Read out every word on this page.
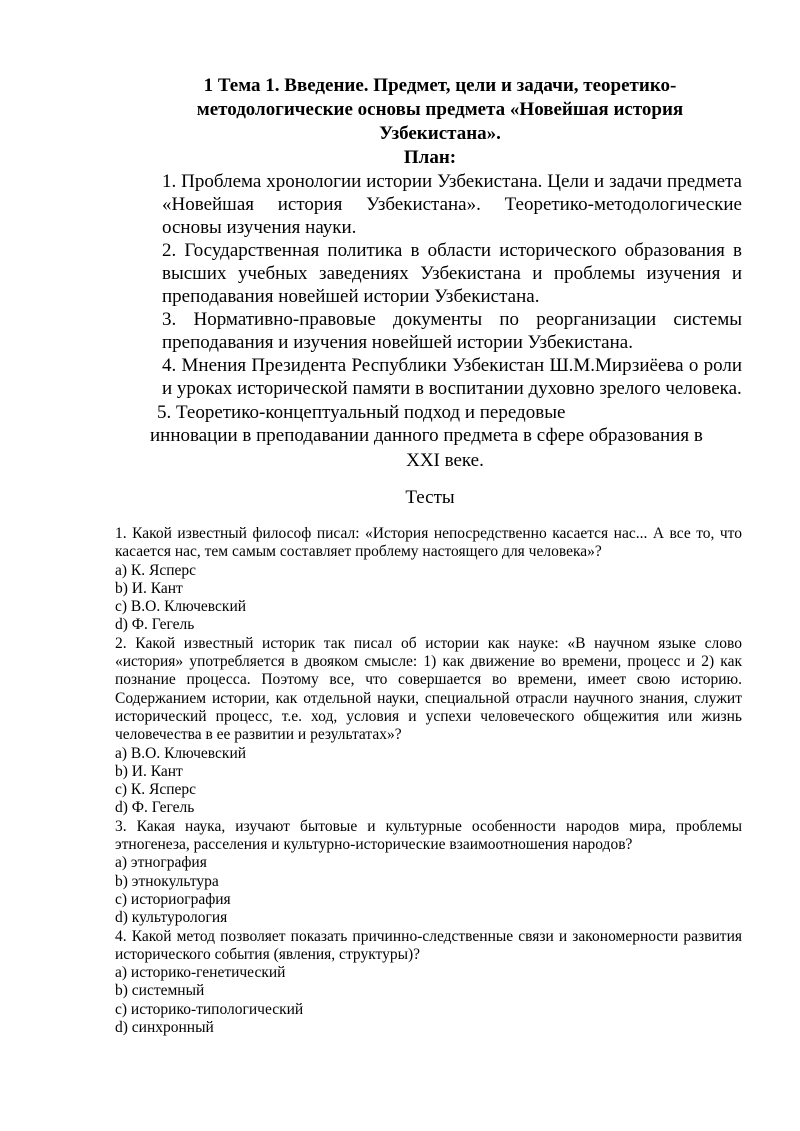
1 Тема 1. Введение. Предмет, цели и задачи, теоретико-методологические основы предмета «Новейшая история Узбекистана».
План:

1. Проблема хронологии истории Узбекистана. Цели и задачи предмета «Новейшая история Узбекистана». Теоретико-методологические основы изучения науки.

2. Государственная политика в области исторического образования в высших учебных заведениях Узбекистана и проблемы изучения и преподавания новейшей истории Узбекистана.

3. Нормативно-правовые документы по реорганизации системы преподавания и изучения новейшей истории Узбекистана.

4. Мнения Президента Республики Узбекистан Ш.М.Мирзиёева о роли и уроках исторической памяти в воспитании духовно зрелого человека.

5. Теоретико-концептуальный подход и передовые
инновации в преподавании данного предмета в сфере образования в
XXI веке.
Тесты

1. Какой известный философ писал: «История непосредственно касается нас... А все то, что касается нас, тем самым составляет проблему настоящего для человека»?

a) К. Ясперс

b) И. Кант

c) В.О. Ключевский

d) Ф. Гегель

2. Какой известный историк так писал об истории как науке: «В научном языке слово «история» употребляется в двояком смысле: 1) как движение во времени, процесс и 2) как познание процесса. Поэтому все, что совершается во времени, имеет свою историю. Содержанием истории, как отдельной науки, специальной отрасли научного знания, служит исторический процесс, т.е. ход, условия и успехи человеческого общежития или жизнь человечества в ее развитии и результатах»?

a) В.О. Ключевский

b) И. Кант

c) К. Ясперс

d) Ф. Гегель

3. Какая наука, изучают бытовые и культурные особенности народов мира, проблемы этногенеза, расселения и культурно-исторические взаимоотношения народов?

a) этнография

b) этнокультура

c) историография

d) культурология

4. Какой метод позволяет показать причинно-следственные связи и закономерности развития исторического события (явления, структуры)?

a) историко-генетический

b) системный

c) историко-типологический

d) синхронный
